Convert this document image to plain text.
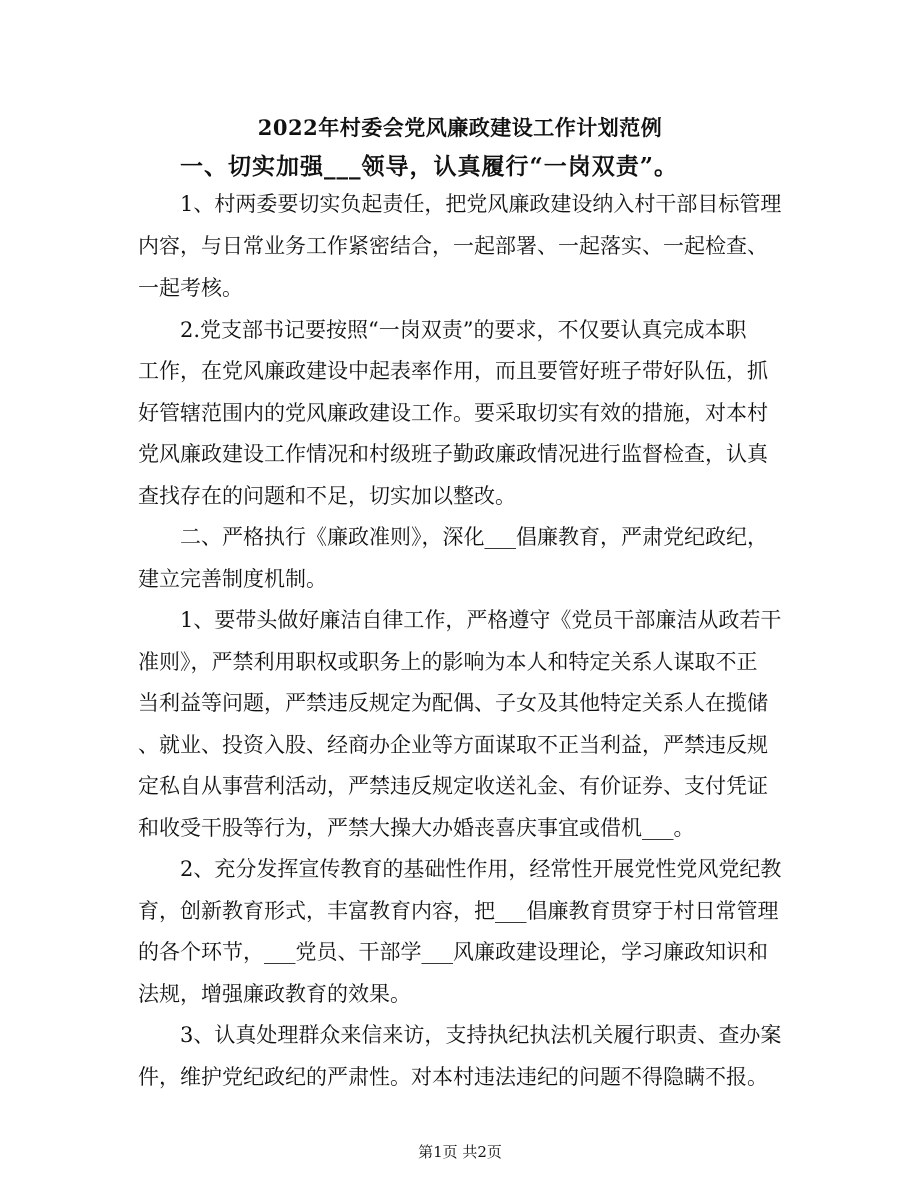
2022年村委会党风廉政建设工作计划范例
一、切实加强___领导，认真履行“一岗双责”。
1、村两委要切实负起责任，把党风廉政建设纳入村干部目标管理
内容，与日常业务工作紧密结合，一起部署、一起落实、一起检查、
一起考核。
2.党支部书记要按照“一岗双责”的要求，不仅要认真完成本职
工作，在党风廉政建设中起表率作用，而且要管好班子带好队伍，抓
好管辖范围内的党风廉政建设工作。要采取切实有效的措施，对本村
党风廉政建设工作情况和村级班子勤政廉政情况进行监督检查，认真
查找存在的问题和不足，切实加以整改。
二、严格执行《廉政准则》，深化___倡廉教育，严肃党纪政纪，
建立完善制度机制。
1、要带头做好廉洁自律工作，严格遵守《党员干部廉洁从政若干
准则》，严禁利用职权或职务上的影响为本人和特定关系人谋取不正
当利益等问题，严禁违反规定为配偶、子女及其他特定关系人在揽储
、就业、投资入股、经商办企业等方面谋取不正当利益，严禁违反规
定私自从事营利活动，严禁违反规定收送礼金、有价证券、支付凭证
和收受干股等行为，严禁大操大办婚丧喜庆事宜或借机___。
2、充分发挥宣传教育的基础性作用，经常性开展党性党风党纪教
育，创新教育形式，丰富教育内容，把___倡廉教育贯穿于村日常管理
的各个环节，___党员、干部学___风廉政建设理论，学习廉政知识和
法规，增强廉政教育的效果。
3、认真处理群众来信来访，支持执纪执法机关履行职责、查办案
件，维护党纪政纪的严肃性。对本村违法违纪的问题不得隐瞒不报。
第1页 共2页
